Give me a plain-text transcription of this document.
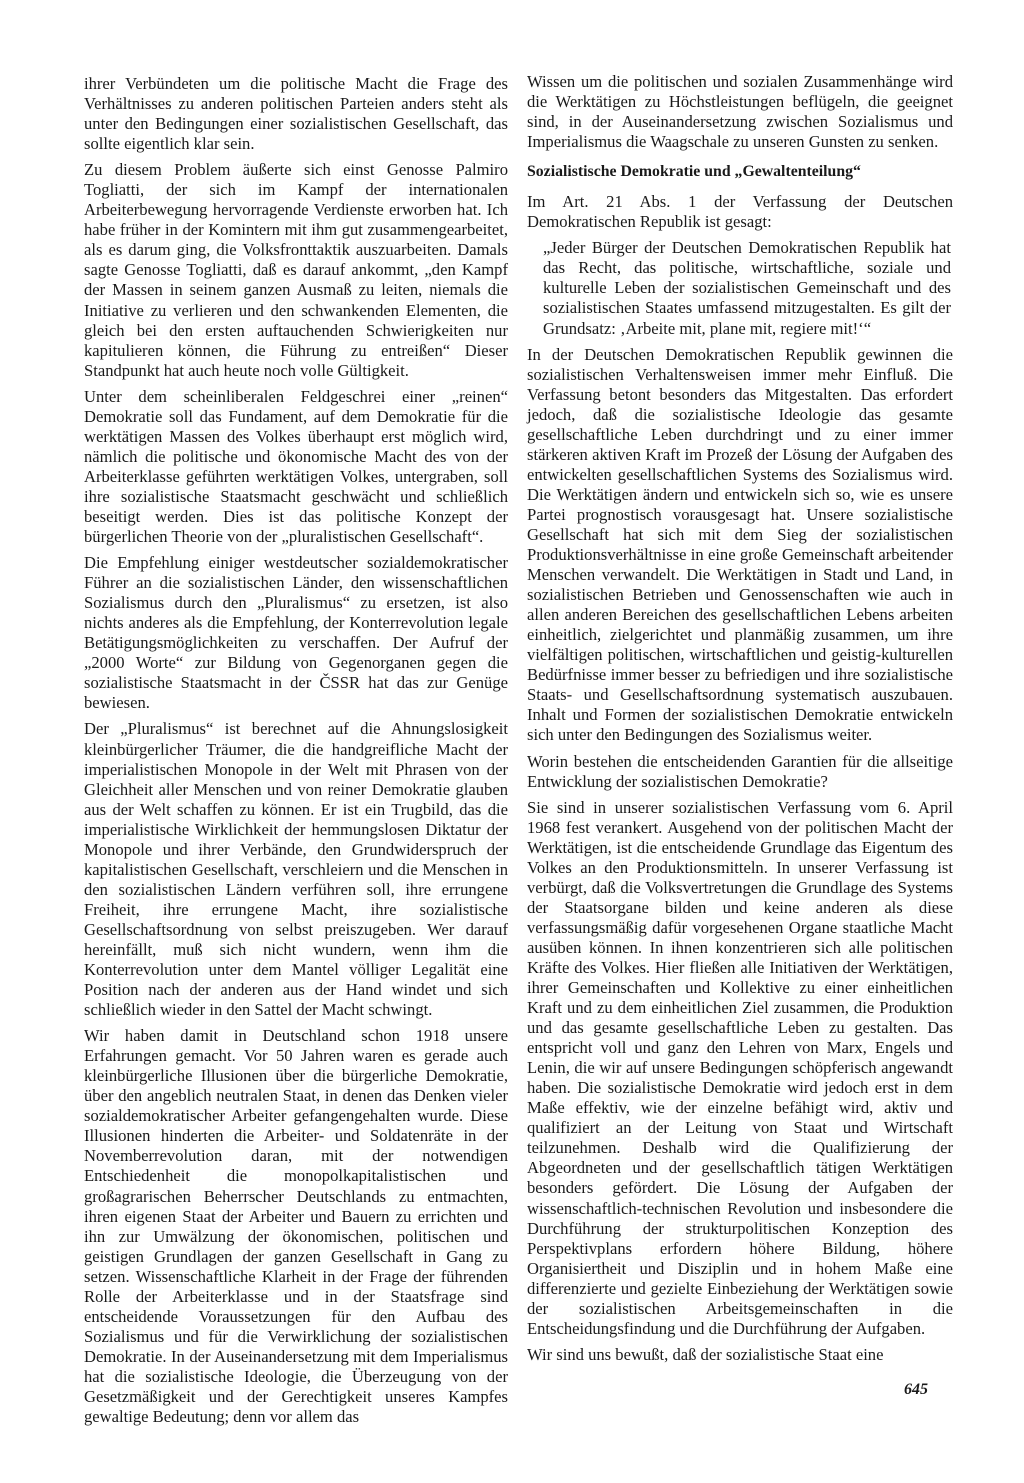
ihrer Verbündeten um die politische Macht die Frage des Verhältnisses zu anderen politischen Parteien anders steht als unter den Bedingungen einer sozialistischen Gesellschaft, das sollte eigentlich klar sein.

Zu diesem Problem äußerte sich einst Genosse Palmiro Togliatti, der sich im Kampf der internationalen Arbeiterbewegung hervorragende Verdienste erworben hat. Ich habe früher in der Komintern mit ihm gut zusammengearbeitet, als es darum ging, die Volksfronttaktik auszuarbeiten. Damals sagte Genosse Togliatti, daß es darauf ankommt, „den Kampf der Massen in seinem ganzen Ausmaß zu leiten, niemals die Initiative zu verlieren und den schwankenden Elementen, die gleich bei den ersten auftauchenden Schwierigkeiten nur kapitulieren können, die Führung zu entreißen“ Dieser Standpunkt hat auch heute noch volle Gültigkeit.

Unter dem scheinliberalen Feldgeschrei einer „reinen“ Demokratie soll das Fundament, auf dem Demokratie für die werktätigen Massen des Volkes überhaupt erst möglich wird, nämlich die politische und ökonomische Macht des von der Arbeiterklasse geführten werktätigen Volkes, untergraben, soll ihre sozialistische Staatsmacht geschwächt und schließlich beseitigt werden. Dies ist das politische Konzept der bürgerlichen Theorie von der „pluralistischen Gesellschaft“.

Die Empfehlung einiger westdeutscher sozialdemokratischer Führer an die sozialistischen Länder, den wissenschaftlichen Sozialismus durch den „Pluralismus“ zu ersetzen, ist also nichts anderes als die Empfehlung, der Konterrevolution legale Betätigungsmöglichkeiten zu verschaffen. Der Aufruf der „2000 Worte“ zur Bildung von Gegenorganen gegen die sozialistische Staatsmacht in der ČSSR hat das zur Genüge bewiesen.

Der „Pluralismus“ ist berechnet auf die Ahnungslosigkeit kleinbürgerlicher Träumer, die die handgreifliche Macht der imperialistischen Monopole in der Welt mit Phrasen von der Gleichheit aller Menschen und von reiner Demokratie glauben aus der Welt schaffen zu können. Er ist ein Trugbild, das die imperialistische Wirklichkeit der hemmungslosen Diktatur der Monopole und ihrer Verbände, den Grundwiderspruch der kapitalistischen Gesellschaft, verschleiern und die Menschen in den sozialistischen Ländern verführen soll, ihre errungene Freiheit, ihre errungene Macht, ihre sozialistische Gesellschaftsordnung von selbst preiszugeben. Wer darauf hereinfällt, muß sich nicht wundern, wenn ihm die Konterrevolution unter dem Mantel völliger Legalität eine Position nach der anderen aus der Hand windet und sich schließlich wieder in den Sattel der Macht schwingt.

Wir haben damit in Deutschland schon 1918 unsere Erfahrungen gemacht. Vor 50 Jahren waren es gerade auch kleinbürgerliche Illusionen über die bürgerliche Demokratie, über den angeblich neutralen Staat, in denen das Denken vieler sozialdemokratischer Arbeiter gefangengehalten wurde. Diese Illusionen hinderten die Arbeiter- und Soldatenräte in der Novemberrevolution daran, mit der notwendigen Entschiedenheit die monopolkapitalistischen und großagrarischen Beherrscher Deutschlands zu entmachten, ihren eigenen Staat der Arbeiter und Bauern zu errichten und ihn zur Umwälzung der ökonomischen, politischen und geistigen Grundlagen der ganzen Gesellschaft in Gang zu setzen. Wissenschaftliche Klarheit in der Frage der führenden Rolle der Arbeiterklasse und in der Staatsfrage sind entscheidende Voraussetzungen für den Aufbau des Sozialismus und für die Verwirklichung der sozialistischen Demokratie. In der Auseinandersetzung mit dem Imperialismus hat die sozialistische Ideologie, die Überzeugung von der Gesetzmäßigkeit und der Gerechtigkeit unseres Kampfes gewaltige Bedeutung; denn vor allem das

Wissen um die politischen und sozialen Zusammenhänge wird die Werktätigen zu Höchstleistungen beflügeln, die geeignet sind, in der Auseinandersetzung zwischen Sozialismus und Imperialismus die Waagschale zu unseren Gunsten zu senken.

Sozialistische Demokratie und „Gewaltenteilung“

Im Art. 21 Abs. 1 der Verfassung der Deutschen Demokratischen Republik ist gesagt:

„Jeder Bürger der Deutschen Demokratischen Republik hat das Recht, das politische, wirtschaftliche, soziale und kulturelle Leben der sozialistischen Gemeinschaft und des sozialistischen Staates umfassend mitzugestalten. Es gilt der Grundsatz: ‚Arbeite mit, plane mit, regiere mit!‘“

In der Deutschen Demokratischen Republik gewinnen die sozialistischen Verhaltensweisen immer mehr Einfluß. Die Verfassung betont besonders das Mitgestalten. Das erfordert jedoch, daß die sozialistische Ideologie das gesamte gesellschaftliche Leben durchdringt und zu einer immer stärkeren aktiven Kraft im Prozeß der Lösung der Aufgaben des entwickelten gesellschaftlichen Systems des Sozialismus wird. Die Werktätigen ändern und entwickeln sich so, wie es unsere Partei prognostisch vorausgesagt hat. Unsere sozialistische Gesellschaft hat sich mit dem Sieg der sozialistischen Produktionsverhältnisse in eine große Gemeinschaft arbeitender Menschen verwandelt. Die Werktätigen in Stadt und Land, in sozialistischen Betrieben und Genossenschaften wie auch in allen anderen Bereichen des gesellschaftlichen Lebens arbeiten einheitlich, zielgerichtet und planmäßig zusammen, um ihre vielfältigen politischen, wirtschaftlichen und geistig-kulturellen Bedürfnisse immer besser zu befriedigen und ihre sozialistische Staats- und Gesellschaftsordnung systematisch auszubauen. Inhalt und Formen der sozialistischen Demokratie entwickeln sich unter den Bedingungen des Sozialismus weiter.

Worin bestehen die entscheidenden Garantien für die allseitige Entwicklung der sozialistischen Demokratie?

Sie sind in unserer sozialistischen Verfassung vom 6. April 1968 fest verankert. Ausgehend von der politischen Macht der Werktätigen, ist die entscheidende Grundlage das Eigentum des Volkes an den Produktionsmitteln. In unserer Verfassung ist verbürgt, daß die Volksvertretungen die Grundlage des Systems der Staatsorgane bilden und keine anderen als diese verfassungsmäßig dafür vorgesehenen Organe staatliche Macht ausüben können. In ihnen konzentrieren sich alle politischen Kräfte des Volkes. Hier fließen alle Initiativen der Werktätigen, ihrer Gemeinschaften und Kollektive zu einer einheitlichen Kraft und zu dem einheitlichen Ziel zusammen, die Produktion und das gesamte gesellschaftliche Leben zu gestalten. Das entspricht voll und ganz den Lehren von Marx, Engels und Lenin, die wir auf unsere Bedingungen schöpferisch angewandt haben. Die sozialistische Demokratie wird jedoch erst in dem Maße effektiv, wie der einzelne befähigt wird, aktiv und qualifiziert an der Leitung von Staat und Wirtschaft teilzunehmen. Deshalb wird die Qualifizierung der Abgeordneten und der gesellschaftlich tätigen Werktätigen besonders gefördert. Die Lösung der Aufgaben der wissenschaftlich-technischen Revolution und insbesondere die Durchführung der strukturpolitischen Konzeption des Perspektivplans erfordern höhere Bildung, höhere Organisiertheit und Disziplin und in hohem Maße eine differenzierte und gezielte Einbeziehung der Werktätigen sowie der sozialistischen Arbeitsgemeinschaften in die Entscheidungsfindung und die Durchführung der Aufgaben.

Wir sind uns bewußt, daß der sozialistische Staat eine

645
